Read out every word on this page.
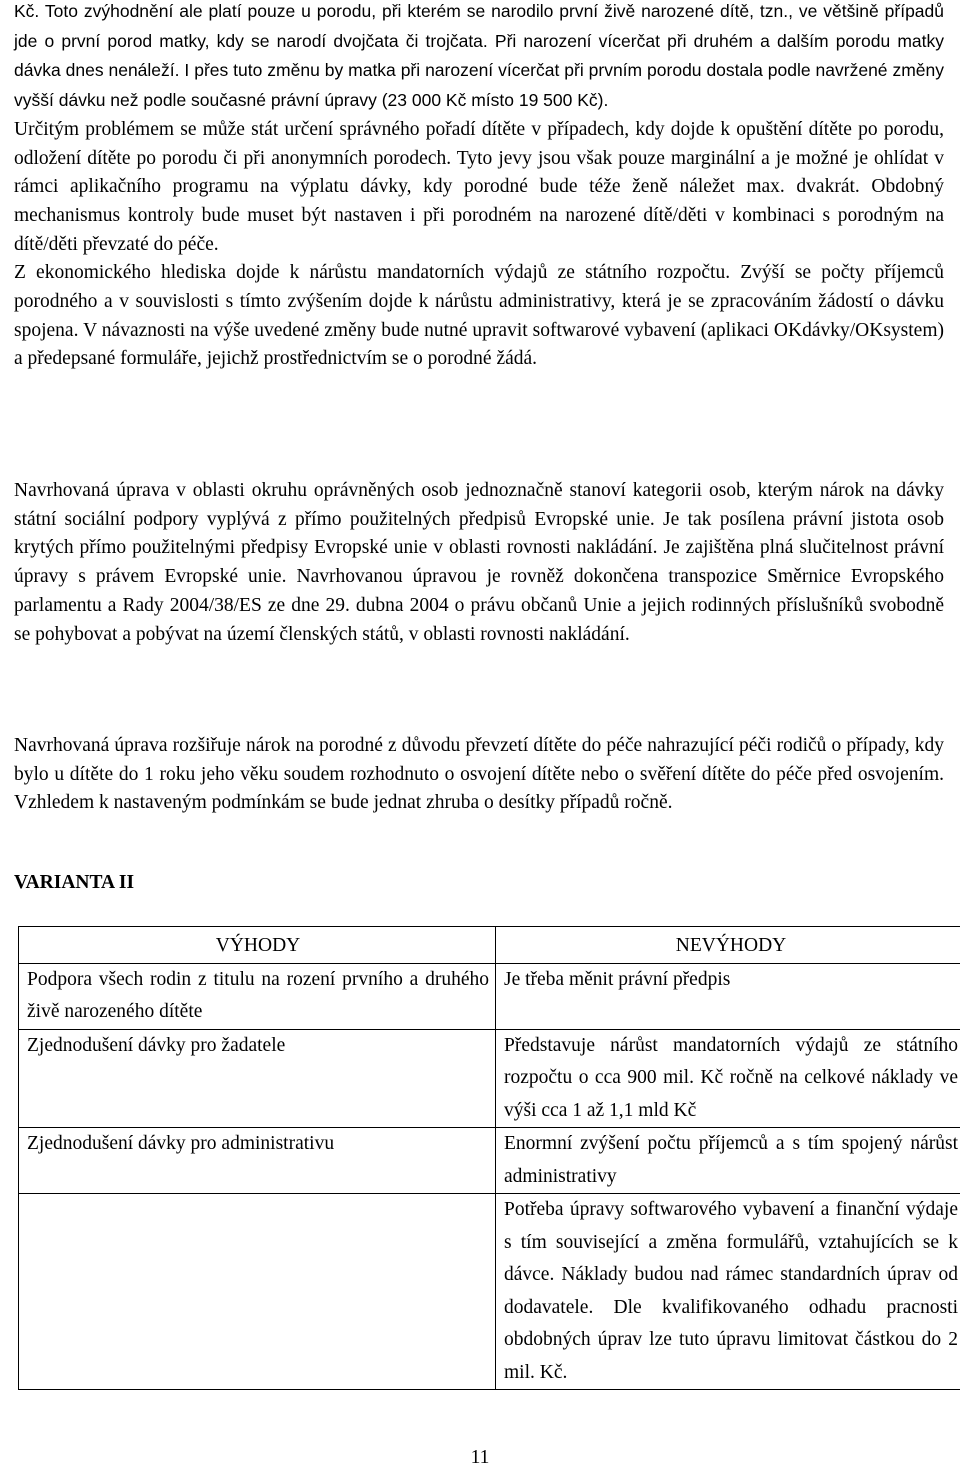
Kč. Toto zvýhodnění ale platí pouze u porodu, při kterém se narodilo první živě narozené dítě, tzn., ve většině případů jde o první porod matky, kdy se narodí dvojčata či trojčata. Při narození vícerčat při druhém a dalším porodu matky dávka dnes nenáleží. I přes tuto změnu by matka při narození vícerčat při prvním porodu dostala podle navržené změny vyšší dávku než podle současné právní úpravy (23 000 Kč místo 19 500 Kč).
Určitým problémem se může stát určení správného pořadí dítěte v případech, kdy dojde k opuštění dítěte po porodu, odložení dítěte po porodu či při anonymních porodech. Tyto jevy jsou však pouze marginální a je možné je ohlídat v rámci aplikačního programu na výplatu dávky, kdy porodné bude téže ženě náležet max. dvakrát. Obdobný mechanismus kontroly bude muset být nastaven i při porodném na narozené dítě/děti v kombinaci s porodným na dítě/děti převzaté do péče.
Z ekonomického hlediska dojde k nárůstu mandatorních výdajů ze státního rozpočtu. Zvýší se počty příjemců porodného a v souvislosti s tímto zvýšením dojde k nárůstu administrativy, která je se zpracováním žádostí o dávku spojena. V návaznosti na výše uvedené změny bude nutné upravit softwarové vybavení (aplikaci OKdávky/OKsystem) a předepsané formuláře, jejichž prostřednictvím se o porodné žádá.

Navrhovaná úprava v oblasti okruhu oprávněných osob jednoznačně stanoví kategorii osob, kterým nárok na dávky státní sociální podpory vyplývá z přímo použitelných předpisů Evropské unie. Je tak posílena právní jistota osob krytých přímo použitelnými předpisy Evropské unie v oblasti rovnosti nakládání. Je zajištěna plná slučitelnost právní úpravy s právem Evropské unie. Navrhovanou úpravou je rovněž dokončena transpozice Směrnice Evropského parlamentu a Rady 2004/38/ES ze dne 29. dubna 2004 o právu občanů Unie a jejich rodinných příslušníků svobodně se pohybovat a pobývat na území členských států, v oblasti rovnosti nakládání.

Navrhovaná úprava rozšiřuje nárok na porodné z důvodu převzetí dítěte do péče nahrazující péči rodičů o případy, kdy bylo u dítěte do 1 roku jeho věku soudem rozhodnuto o osvojení dítěte nebo o svěření dítěte do péče před osvojením. Vzhledem k nastaveným podmínkám se bude jednat zhruba o desítky případů ročně.

VARIANTA II

VÝHODY	NEVÝHODY
Podpora všech rodin z titulu na rození prvního a druhého živě narozeného dítěte	Je třeba měnit právní předpis
Zjednodušení dávky pro žadatele	Představuje nárůst mandatorních výdajů ze státního rozpočtu o cca 900 mil. Kč ročně na celkové náklady ve výši cca 1 až 1,1 mld Kč
Zjednodušení dávky pro administrativu	Enormní zvýšení počtu příjemců a s tím spojený nárůst administrativy
	Potřeba úpravy softwarového vybavení a finanční výdaje s tím související a změna formulářů, vztahujících se k dávce. Náklady budou nad rámec standardních úprav od dodavatele. Dle kvalifikovaného odhadu pracnosti obdobných úprav lze tuto úpravu limitovat částkou do 2 mil. Kč.
11
